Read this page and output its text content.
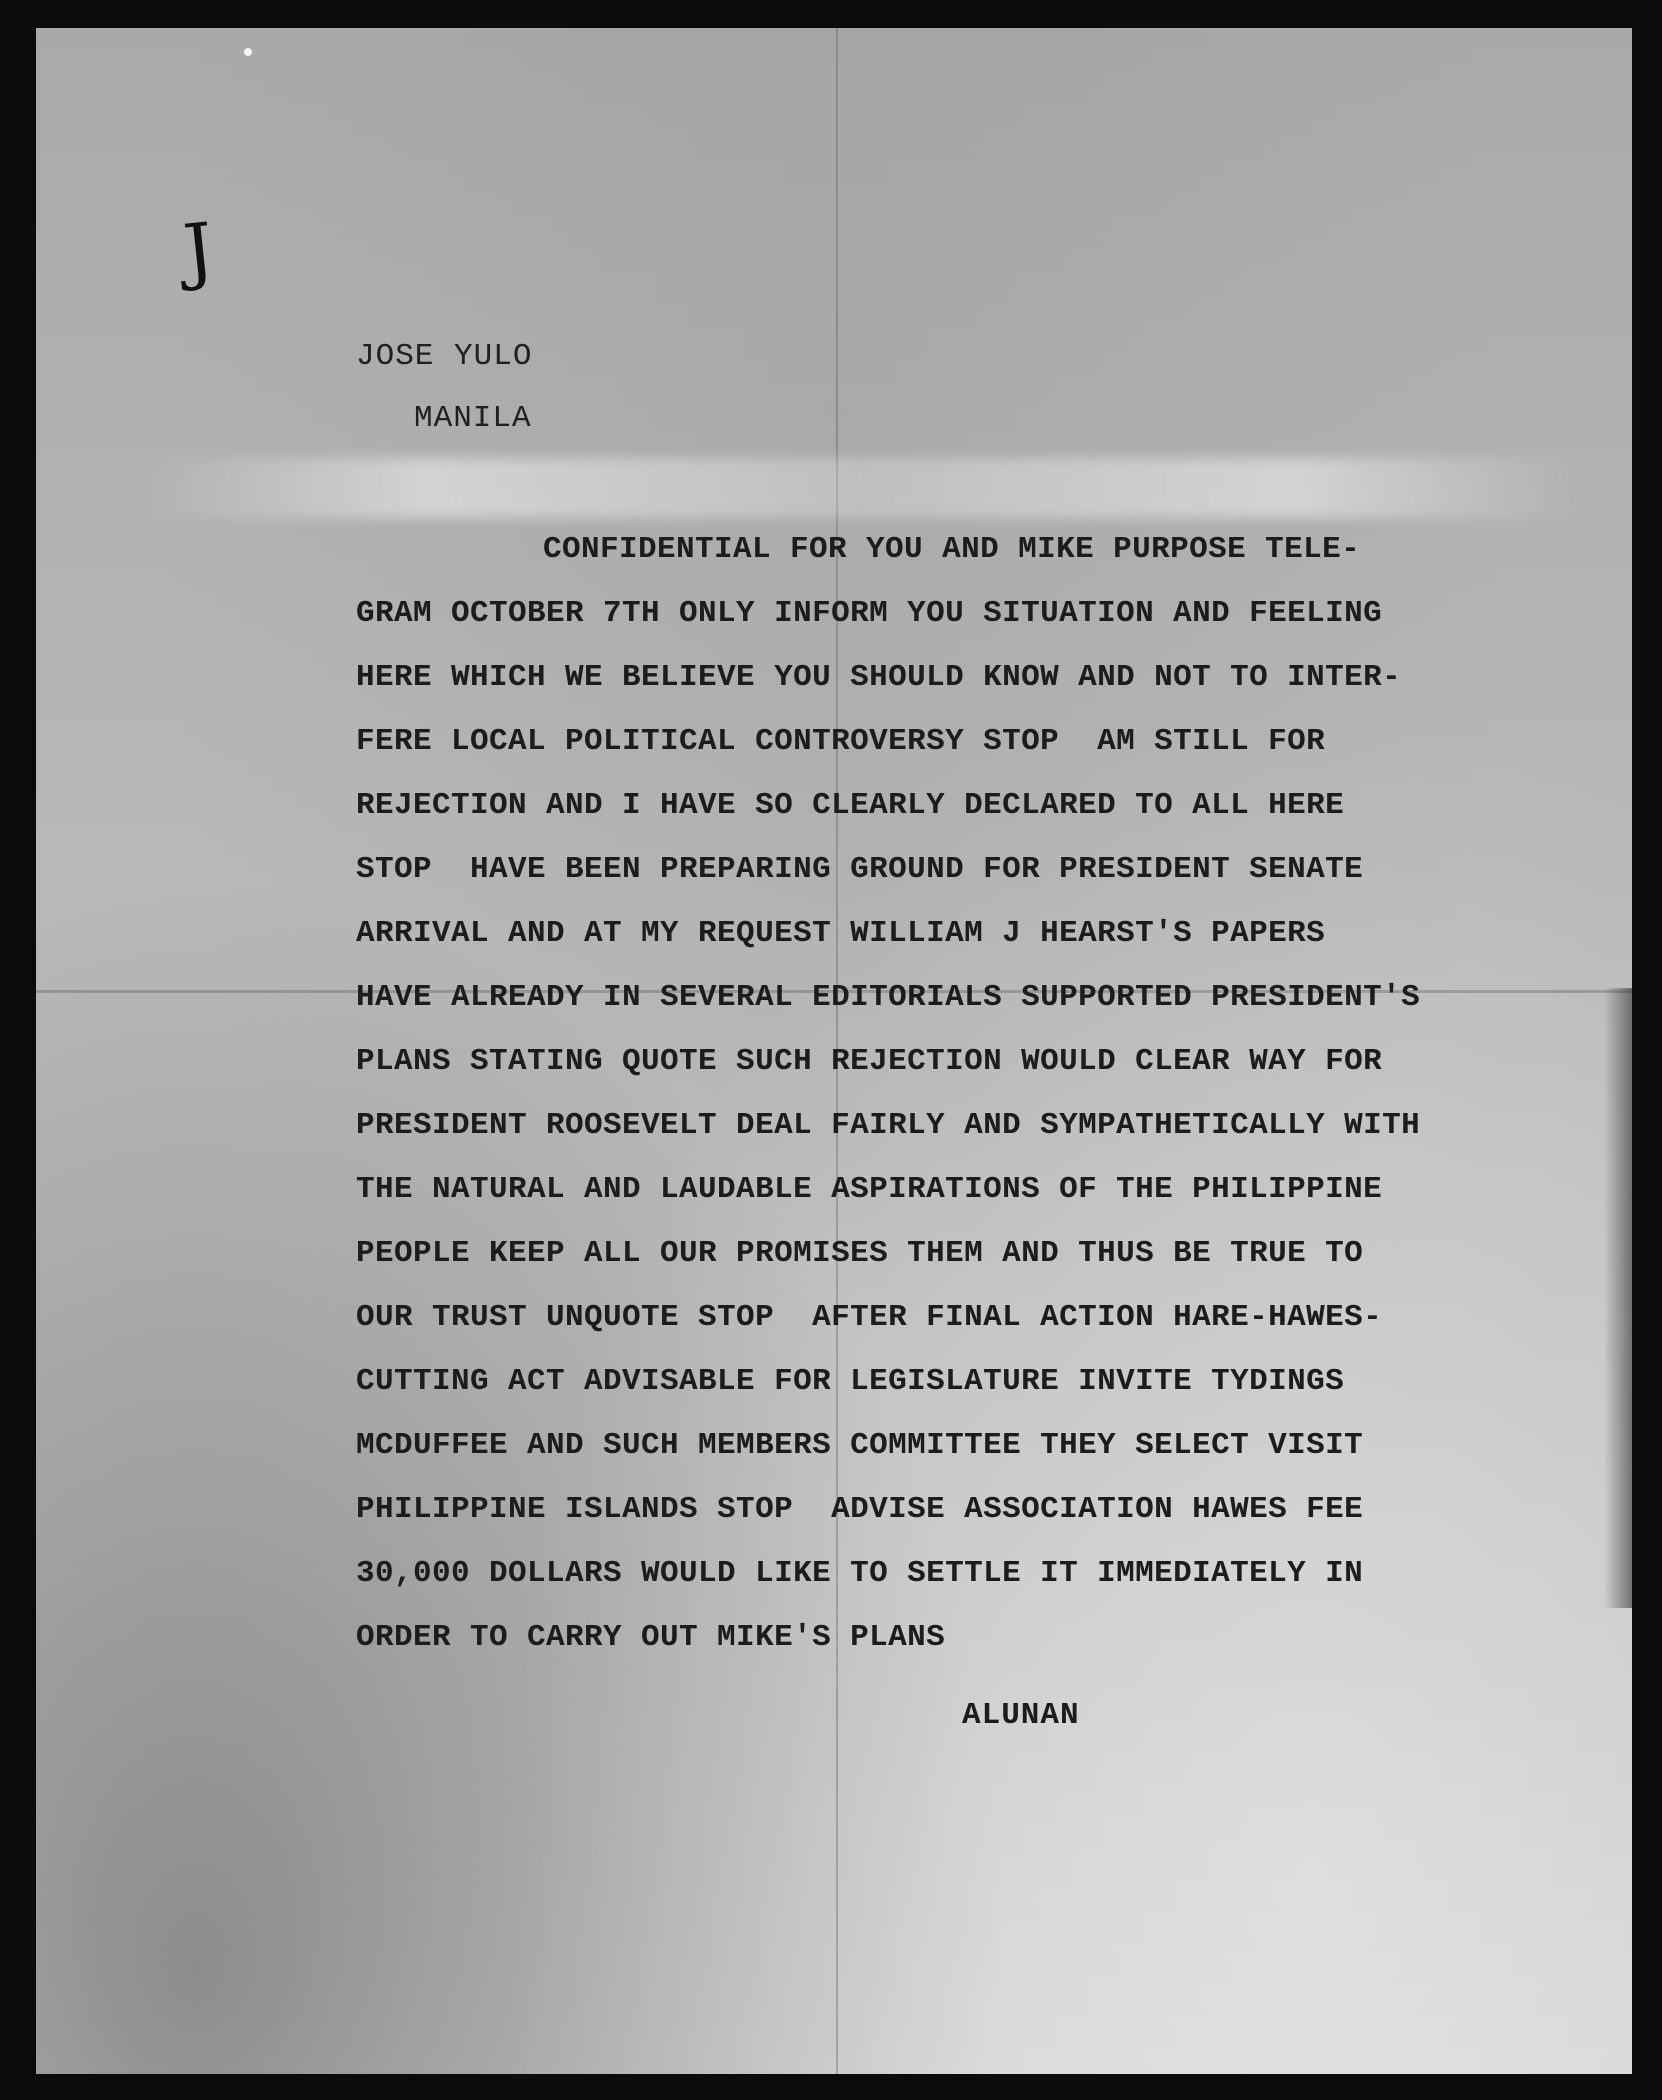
J
JOSE YULO
MANILA
CONFIDENTIAL FOR YOU AND MIKE PURPOSE TELE-
GRAM OCTOBER 7TH ONLY INFORM YOU SITUATION AND FEELING
HERE WHICH WE BELIEVE YOU SHOULD KNOW AND NOT TO INTER-
FERE LOCAL POLITICAL CONTROVERSY STOP  AM STILL FOR
REJECTION AND I HAVE SO CLEARLY DECLARED TO ALL HERE
STOP  HAVE BEEN PREPARING GROUND FOR PRESIDENT SENATE
ARRIVAL AND AT MY REQUEST WILLIAM J HEARST'S PAPERS
HAVE ALREADY IN SEVERAL EDITORIALS SUPPORTED PRESIDENT'S
PLANS STATING QUOTE SUCH REJECTION WOULD CLEAR WAY FOR
PRESIDENT ROOSEVELT DEAL FAIRLY AND SYMPATHETICALLY WITH
THE NATURAL AND LAUDABLE ASPIRATIONS OF THE PHILIPPINE
PEOPLE KEEP ALL OUR PROMISES THEM AND THUS BE TRUE TO
OUR TRUST UNQUOTE STOP  AFTER FINAL ACTION HARE-HAWES-
CUTTING ACT ADVISABLE FOR LEGISLATURE INVITE TYDINGS
MCDUFFEE AND SUCH MEMBERS COMMITTEE THEY SELECT VISIT
PHILIPPINE ISLANDS STOP  ADVISE ASSOCIATION HAWES FEE
30,000 DOLLARS WOULD LIKE TO SETTLE IT IMMEDIATELY IN
ORDER TO CARRY OUT MIKE'S PLANS
ALUNAN
